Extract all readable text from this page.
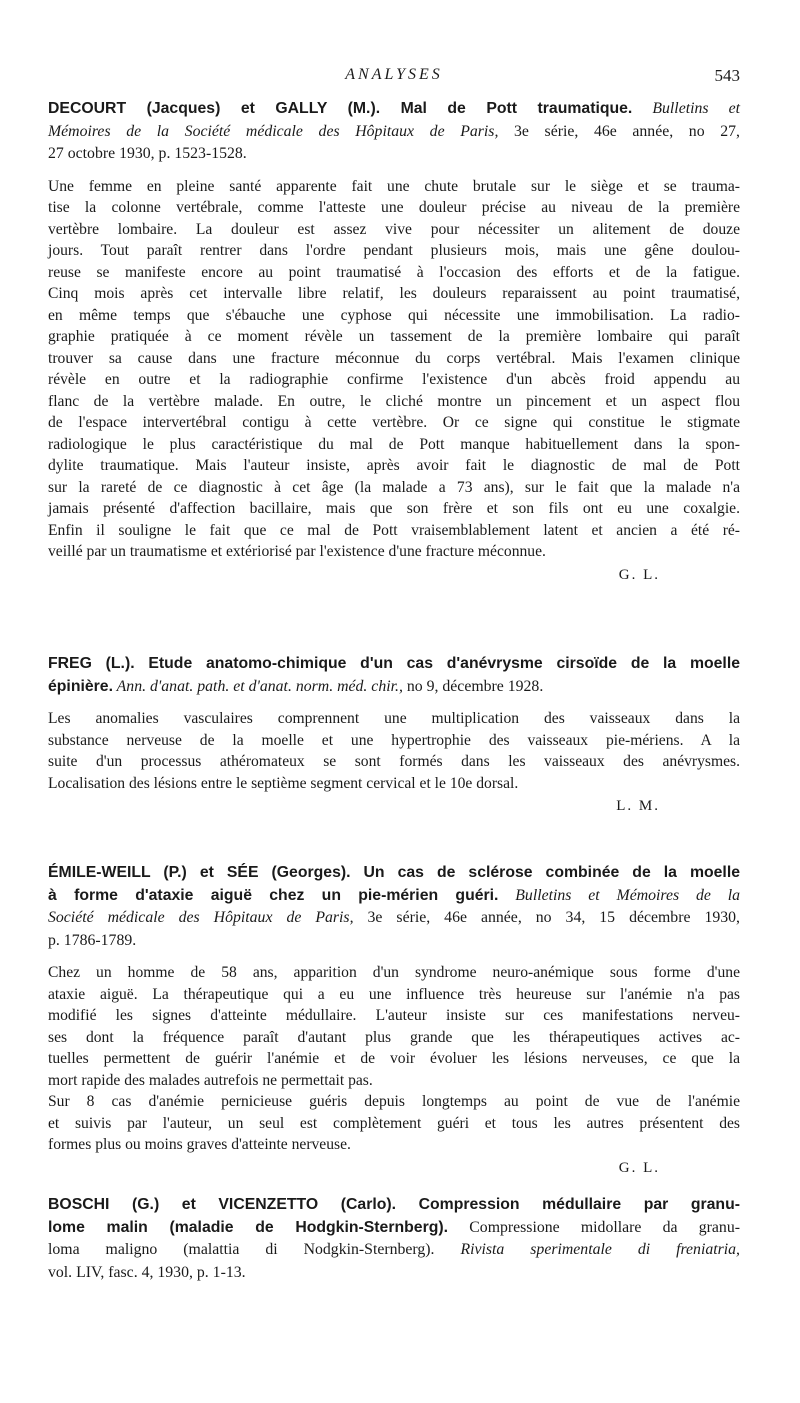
ANALYSES	543
DECOURT (Jacques) et GALLY (M.). Mal de Pott traumatique. Bulletins et
Mémoires de la Société médicale des Hôpitaux de Paris, 3e série, 46e année, no 27,
27 octobre 1930, p. 1523-1528.
Une femme en pleine santé apparente fait une chute brutale sur le siège et se trauma-
tise la colonne vertébrale, comme l'atteste une douleur précise au niveau de la première
vertèbre lombaire. La douleur est assez vive pour nécessiter un alitement de douze
jours. Tout paraît rentrer dans l'ordre pendant plusieurs mois, mais une gêne doulou-
reuse se manifeste encore au point traumatisé à l'occasion des efforts et de la fatigue.
Cinq mois après cet intervalle libre relatif, les douleurs reparaissent au point traumatisé,
en même temps que s'ébauche une cyphose qui nécessite une immobilisation. La radio-
graphie pratiquée à ce moment révèle un tassement de la première lombaire qui paraît
trouver sa cause dans une fracture méconnue du corps vertébral. Mais l'examen clinique
révèle en outre et la radiographie confirme l'existence d'un abcès froid appendu au
flanc de la vertèbre malade. En outre, le cliché montre un pincement et un aspect flou
de l'espace intervertébral contigu à cette vertèbre. Or ce signe qui constitue le stigmate
radiologique le plus caractéristique du mal de Pott manque habituellement dans la spon-
dylite traumatique. Mais l'auteur insiste, après avoir fait le diagnostic de mal de Pott
sur la rareté de ce diagnostic à cet âge (la malade a 73 ans), sur le fait que la malade n'a
jamais présenté d'affection bacillaire, mais que son frère et son fils ont eu une coxalgie.
Enfin il souligne le fait que ce mal de Pott vraisemblablement latent et ancien a été ré-
veillé par un traumatisme et extériorisé par l'existence d'une fracture méconnue.
G. L.
FREG (L.). Etude anatomo-chimique d'un cas d'anévrysme cirsoïde de la moelle
épinière. Ann. d'anat. path. et d'anat. norm. méd. chir., no 9, décembre 1928.
Les anomalies vasculaires comprennent une multiplication des vaisseaux dans la
substance nerveuse de la moelle et une hypertrophie des vaisseaux pie-mériens. A la
suite d'un processus athéromateux se sont formés dans les vaisseaux des anévrysmes.
Localisation des lésions entre le septième segment cervical et le 10e dorsal.
L. M.
ÉMILE-WEILL (P.) et SÉE (Georges). Un cas de sclérose combinée de la moelle
à forme d'ataxie aiguë chez un pie-mérien guéri. Bulletins et Mémoires de la
Société médicale des Hôpitaux de Paris, 3e série, 46e année, no 34, 15 décembre 1930,
p. 1786-1789.
Chez un homme de 58 ans, apparition d'un syndrome neuro-anémique sous forme d'une
ataxie aiguë. La thérapeutique qui a eu une influence très heureuse sur l'anémie n'a pas
modifié les signes d'atteinte médullaire. L'auteur insiste sur ces manifestations nerveu-
ses dont la fréquence paraît d'autant plus grande que les thérapeutiques actives ac-
tuelles permettent de guérir l'anémie et de voir évoluer les lésions nerveuses, ce que la
mort rapide des malades autrefois ne permettait pas.
Sur 8 cas d'anémie pernicieuse guéris depuis longtemps au point de vue de l'anémie
et suivis par l'auteur, un seul est complètement guéri et tous les autres présentent des
formes plus ou moins graves d'atteinte nerveuse.
G. L.
BOSCHI (G.) et VICENZETTO (Carlo). Compression médullaire par granu-
lome malin (maladie de Hodgkin-Sternberg). Compressione midollare da granu-
loma maligno (malattia di Nodgkin-Sternberg). Rivista sperimentale di freniatria,
vol. LIV, fasc. 4, 1930, p. 1-13.
